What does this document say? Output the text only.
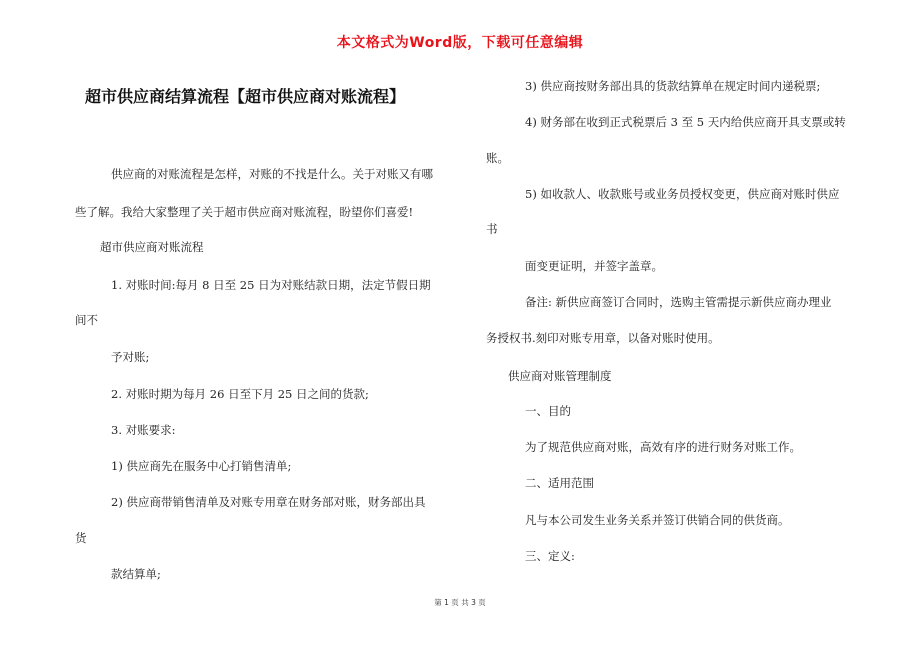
本文格式为Word版，下载可任意编辑
超市供应商结算流程【超市供应商对账流程】
供应商的对账流程是怎样，对账的不找是什么。关于对账又有哪
些了解。我给大家整理了关于超市供应商对账流程，盼望你们喜爱!
超市供应商对账流程
1. 对账时间:每月 8 日至 25 日为对账结款日期，法定节假日期
间不
予对账;
2. 对账时期为每月 26 日至下月 25 日之间的货款;
3. 对账要求:
1) 供应商先在服务中心打销售清单;
2) 供应商带销售清单及对账专用章在财务部对账，财务部出具
货
款结算单;
3) 供应商按财务部出具的货款结算单在规定时间内递税票;
4) 财务部在收到正式税票后 3 至 5 天内给供应商开具支票或转
账。
5) 如收款人、收款账号或业务员授权变更，供应商对账时供应
书
面变更证明，并签字盖章。
备注: 新供应商签订合同时，选购主管需提示新供应商办理业
务授权书.刻印对账专用章，以备对账时使用。
供应商对账管理制度
一、目的
为了规范供应商对账，高效有序的进行财务对账工作。
二、适用范围
凡与本公司发生业务关系并签订供销合同的供货商。
三、定义:
第 1 页 共 3 页
